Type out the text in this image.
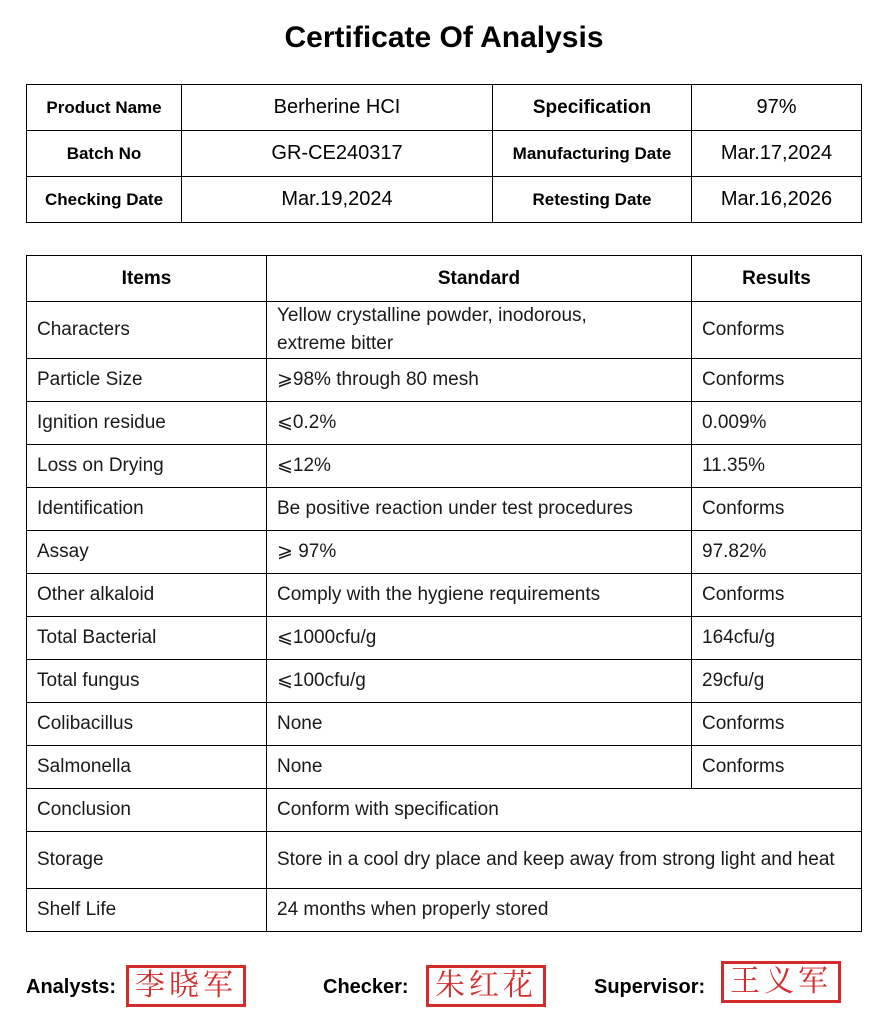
Certificate Of Analysis
Product Name	Berherine HCI	Specification	97%
Batch No	GR-CE240317	Manufacturing Date	Mar.17,2024
Checking Date	Mar.19,2024	Retesting Date	Mar.16,2026
Items	Standard	Results
Characters	Yellow crystalline powder, inodorous, extreme bitter	Conforms
Particle Size	⩾98% through 80 mesh	Conforms
Ignition residue	⩽0.2%	0.009%
Loss on Drying	⩽12%	11.35%
Identification	Be positive reaction under test procedures	Conforms
Assay	⩾ 97%	97.82%
Other alkaloid	Comply with the hygiene requirements	Conforms
Total Bacterial	⩽1000cfu/g	164cfu/g
Total fungus	⩽100cfu/g	29cfu/g
Colibacillus	None	Conforms
Salmonella	None	Conforms
Conclusion	Conform with specification	
Storage	Store in a cool dry place and keep away from strong light and heat	
Shelf Life	24 months when properly stored	
Analysts: 李晓军	Checker: 朱红花	Supervisor: 王义军
